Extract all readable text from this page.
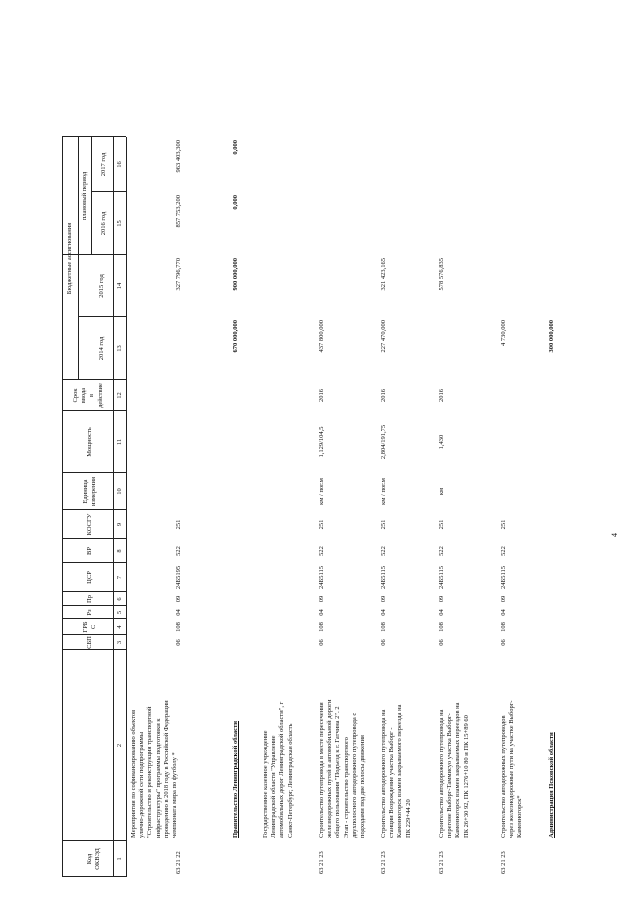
Код
ОКВЭД
СБП
ГРБ
С
Рз
Пр
ЦСР
ВР
КОСГУ
Единица
измерения
Мощность
Срок
ввода
в
действие
Бюджетные ассигнования
2014 год
2015 год
плановый период
2016 год
2017 год
1
2
3
4
5
6
7
8
9
10
11
12
13
14
15
16
Мероприятия по софинансированию объектов
улично-дорожной сети подпрограммы
"Строительство и реконструкция транспортной
инфраструктуры" программы подготовки к
проведению в 2018 году в Российской Федерации
чемпионата мира по футболу *
63 21 22
06
108
04
09
24Б5195
522
251
327 796,770
857 753,200
963 403,300
Правительство Ленинградской области
670 000,000
900 000,000
0,000
0,000
Государственное казенное учреждение
Ленинградской области "Управление
автомобильных дорог Ленинградской области", г
Санкт-Петербург, Ленинградская область
63 21 23
Строительство путепровода в месте пересечения
железнодорожных путей и автомобильной дороги
общего пользования "Подъезд к г. Гатчина 2". 2
Этап - строительство транспортного
двухполосного автодорожного путепровода с
подходами под две полосы движения
06
108
04
09
24Б5115
522
251
км / пог.м
1,129/104,5
2016
437 800,000
63 21 23
Строительство автодорожного путепровода на
станции Возрождение участка Выборг -
Каменногорск взамен закрываемого переезда на
ПК 229+44 20
06
108
04
09
24Б5115
522
251
км / пог.м
2,804/191,75
2016
227 470,000
321 423,165
63 21 23
Строительство автодорожного путепровода на
перегоне Выборг-Таммисуо участка Выборг-
Каменногорск взамен закрываемых переездов на
ПК 26+30 92, ПК 1276+10 80 и ПК 15+89 60
06
108
04
09
24Б5115
522
251
км
1,430
2016
578 576,835
63 21 23
Строительство автодорожных путепроводов
через железнодорожные пути на участке Выборг-
Каменногорск*
06
108
04
09
24Б5115
522
251
4 730,000
Администрация Псковской области
300 000,000
4
